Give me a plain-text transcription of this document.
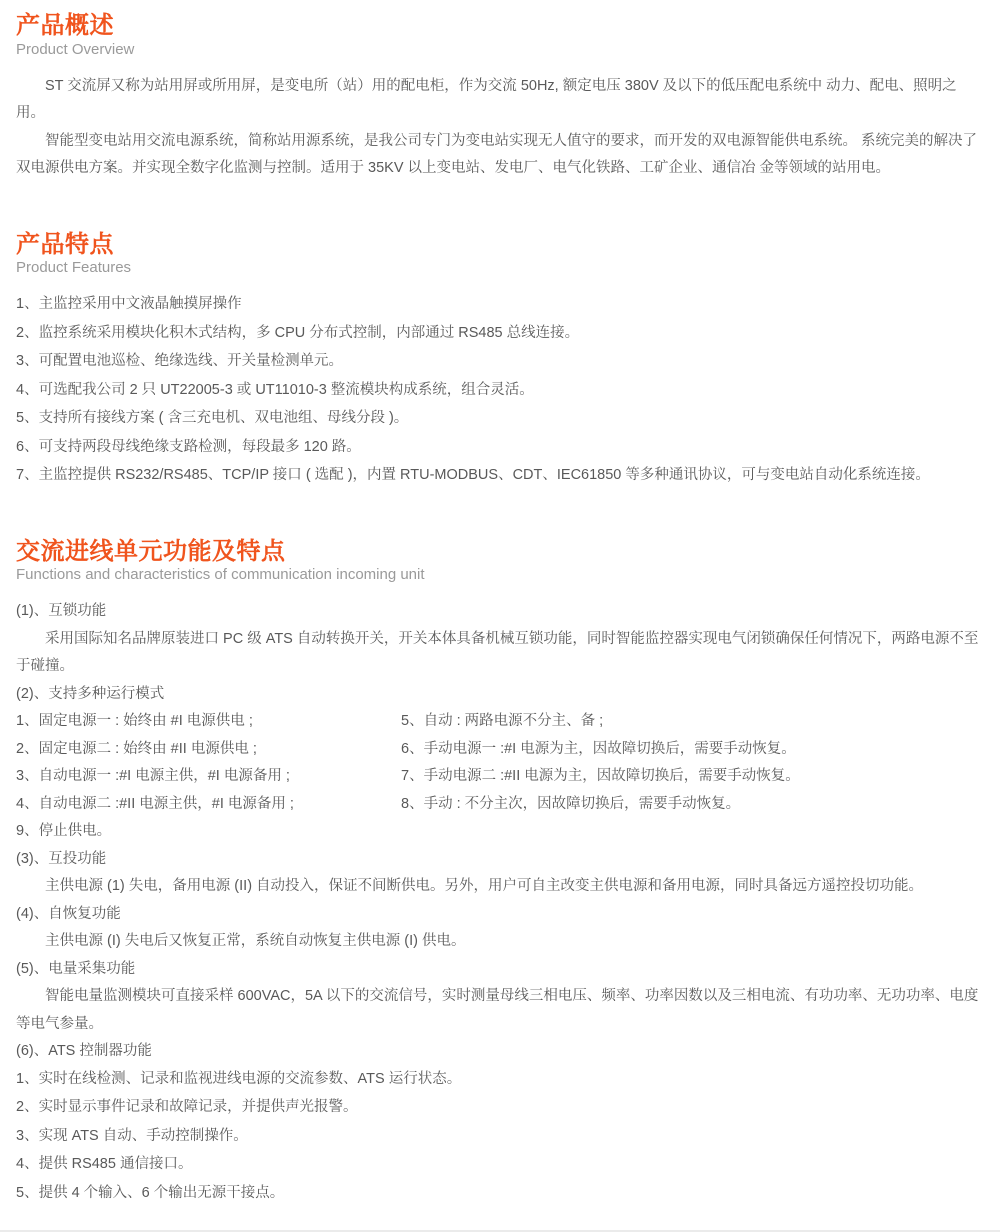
产品概述

Product Overview

ST 交流屏又称为站用屏或所用屏，是变电所（站）用的配电柜，作为交流 50Hz, 额定电压 380V 及以下的低压配电系统中 动力、配电、照明之用。

智能型变电站用交流电源系统，简称站用源系统，是我公司专门为变电站实现无人值守的要求，而开发的双电源智能供电系统。 系统完美的解决了双电源供电方案。并实现全数字化监测与控制。适用于 35KV 以上变电站、发电厂、电气化铁路、工矿企业、通信冶 金等领域的站用电。

产品特点

Product Features

1、主监控采用中文液晶触摸屏操作
2、监控系统采用模块化积木式结构，多 CPU 分布式控制，内部通过 RS485 总线连接。
3、可配置电池巡检、绝缘选线、开关量检测单元。
4、可选配我公司 2 只 UT22005-3 或 UT11010-3 整流模块构成系统，组合灵活。
5、支持所有接线方案 ( 含三充电机、双电池组、母线分段 )。
6、可支持两段母线绝缘支路检测，每段最多 120 路。
7、主监控提供 RS232/RS485、TCP/IP 接口 ( 选配 )，内置 RTU-MODBUS、CDT、IEC61850 等多种通讯协议，可与变电站自动化系统连接。
交流进线单元功能及特点

Functions and characteristics of communication incoming unit

(1)、互锁功能

采用国际知名品牌原装进口 PC 级 ATS 自动转换开关，开关本体具备机械互锁功能，同时智能监控器实现电气闭锁确保任何情况下，两路电源不至于碰撞。

(2)、支持多种运行模式

1、固定电源一 : 始终由 #I 电源供电 ;

2、固定电源二 : 始终由 #II 电源供电 ;

3、自动电源一 :#I 电源主供，#I 电源备用 ;

4、自动电源二 :#II 电源主供，#I 电源备用 ;

5、自动 : 两路电源不分主、备 ;

6、手动电源一 :#I 电源为主，因故障切换后，需要手动恢复。

7、手动电源二 :#II 电源为主，因故障切换后，需要手动恢复。

8、手动 : 不分主次，因故障切换后，需要手动恢复。

9、停止供电。

(3)、互投功能

主供电源 (1) 失电，备用电源 (II) 自动投入，保证不间断供电。另外，用户可自主改变主供电源和备用电源，同时具备远方遥控投切功能。

(4)、自恢复功能

主供电源 (I) 失电后又恢复正常，系统自动恢复主供电源 (I) 供电。

(5)、电量采集功能

智能电量监测模块可直接采样 600VAC，5A 以下的交流信号，实时测量母线三相电压、频率、功率因数以及三相电流、有功功率、无功功率、电度等电气参量。

(6)、ATS 控制器功能

1、实时在线检测、记录和监视进线电源的交流参数、ATS 运行状态。
2、实时显示事件记录和故障记录，并提供声光报警。
3、实现 ATS 自动、手动控制操作。
4、提供 RS485 通信接口。
5、提供 4 个输入、6 个输出无源干接点。
